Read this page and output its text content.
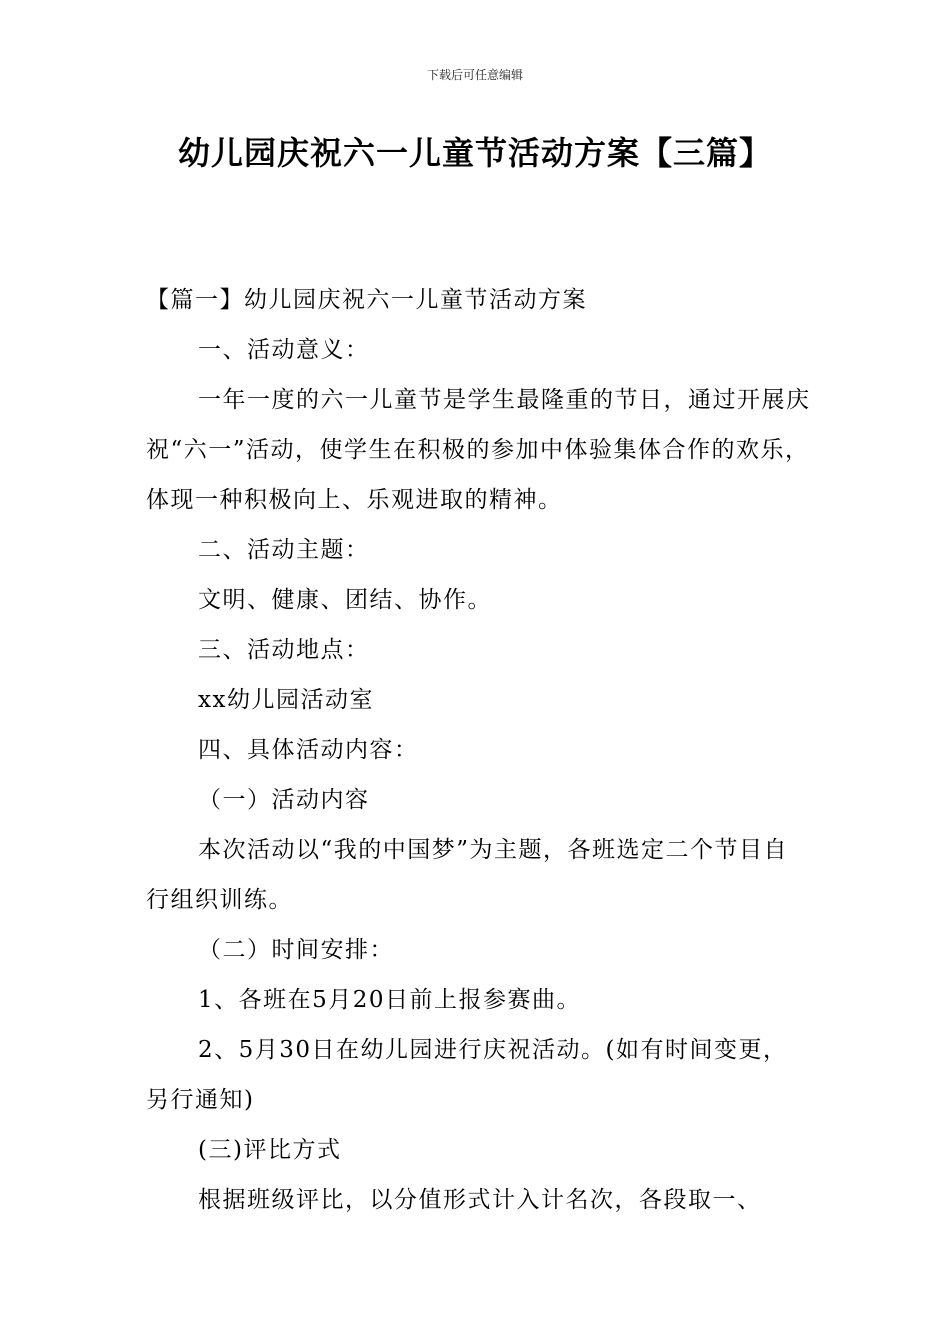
下载后可任意编辑
幼儿园庆祝六一儿童节活动方案【三篇】

【篇一】幼儿园庆祝六一儿童节活动方案

一、活动意义：

一年一度的六一儿童节是学生最隆重的节日，通过开展庆祝“六一”活动，使学生在积极的参加中体验集体合作的欢乐，体现一种积极向上、乐观进取的精神。

二、活动主题：

文明、健康、团结、协作。

三、活动地点：

xx幼儿园活动室

四、具体活动内容：

（一）活动内容

本次活动以“我的中国梦”为主题，各班选定二个节目自行组织训练。

（二）时间安排：

1、各班在5月20日前上报参赛曲。

2、5月30日在幼儿园进行庆祝活动。(如有时间变更，另行通知)

(三)评比方式

根据班级评比，以分值形式计入计名次，各段取一、
